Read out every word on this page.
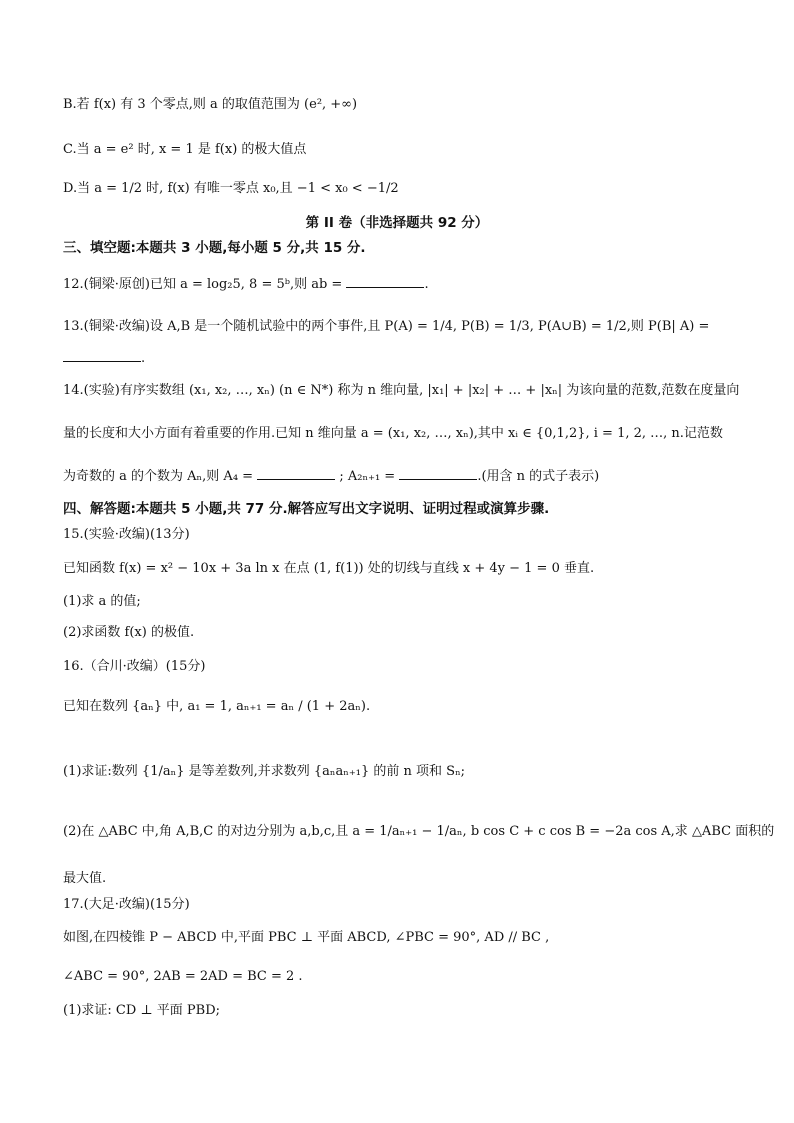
B.若 f(x) 有 3 个零点,则 a 的取值范围为 (e², +∞)
C.当 a = e² 时, x = 1 是 f(x) 的极大值点
D.当 a = 1/2 时, f(x) 有唯一零点 x₀,且 −1 < x₀ < −1/2
第 II 卷（非选择题共 92 分）
三、填空题:本题共 3 小题,每小题 5 分,共 15 分.
12.(铜梁·原创)已知 a = log₂5, 8 = 5ᵇ,则 ab =	.
13.(铜梁·改编)设 A,B 是一个随机试验中的两个事件,且 P(A) = 1/4, P(B) = 1/3, P(A∪B) = 1/2,则 P(B| A) =
.
14.(实验)有序实数组 (x₁, x₂, …, xₙ) (n ∈ N*) 称为 n 维向量, |x₁| + |x₂| + … + |xₙ| 为该向量的范数,范数在度量向
量的长度和大小方面有着重要的作用.已知 n 维向量 a = (x₁, x₂, …, xₙ),其中 xᵢ ∈ {0,1,2}, i = 1, 2, …, n.记范数
为奇数的 a 的个数为 Aₙ,则 A₄ =	; A₂ₙ₊₁ =	.(用含 n 的式子表示)
四、解答题:本题共 5 小题,共 77 分.解答应写出文字说明、证明过程或演算步骤.
15.(实验·改编)(13分)
已知函数 f(x) = x² − 10x + 3a ln x 在点 (1, f(1)) 处的切线与直线 x + 4y − 1 = 0 垂直.
(1)求 a 的值;
(2)求函数 f(x) 的极值.
16.（合川·改编）(15分)
已知在数列 {aₙ} 中, a₁ = 1, aₙ₊₁ = aₙ / (1 + 2aₙ).
(1)求证:数列 {1/aₙ} 是等差数列,并求数列 {aₙaₙ₊₁} 的前 n 项和 Sₙ;
(2)在 △ABC 中,角 A,B,C 的对边分别为 a,b,c,且 a = 1/aₙ₊₁ − 1/aₙ, b cos C + c cos B = −2a cos A,求 △ABC 面积的
最大值.
17.(大足·改编)(15分)
如图,在四棱锥 P − ABCD 中,平面 PBC ⊥ 平面 ABCD, ∠PBC = 90°, AD // BC ,
∠ABC = 90°, 2AB = 2AD = BC = 2 .
(1)求证: CD ⊥ 平面 PBD;
